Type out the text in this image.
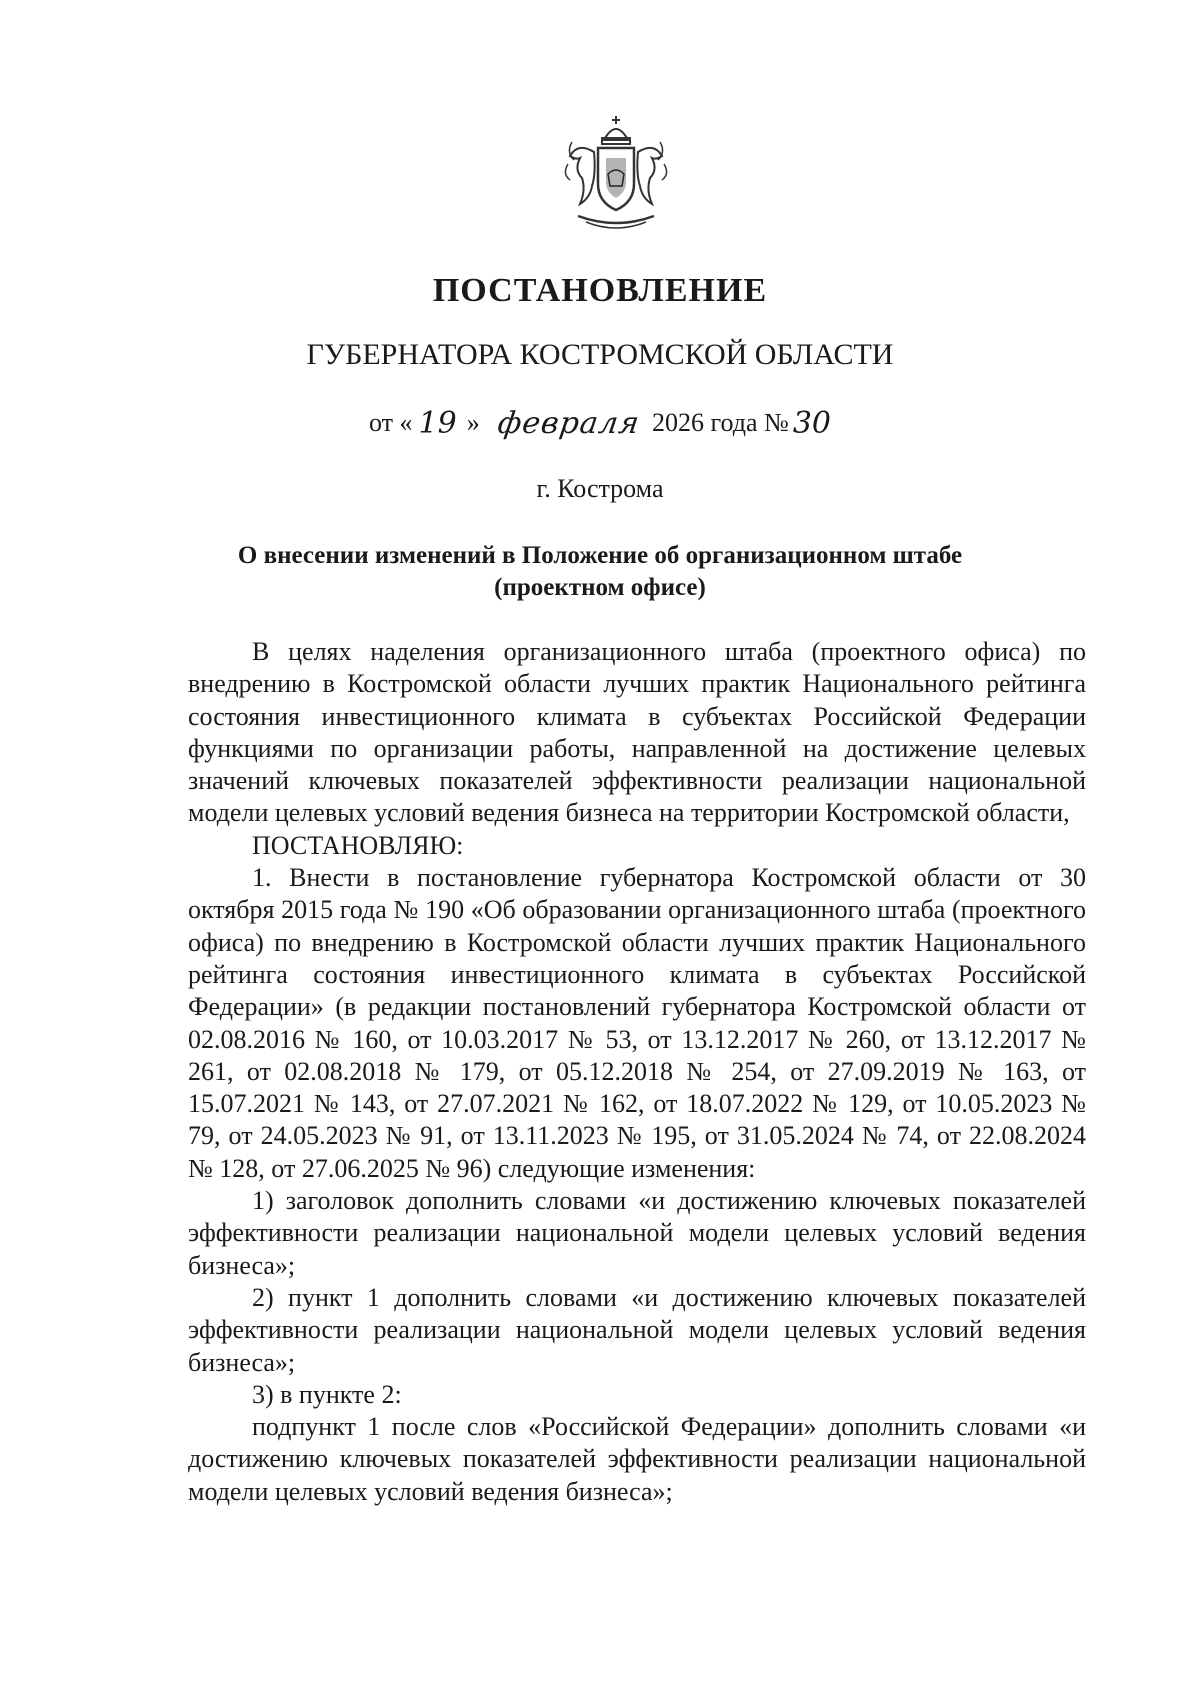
ПОСТАНОВЛЕНИЕ
ГУБЕРНАТОРА КОСТРОМСКОЙ ОБЛАСТИ
от « 19 » февраля 2026 года № 30
г. Кострома
О внесении изменений в Положение об организационном штабе
(проектном офисе)

В целях наделения организационного штаба (проектного офиса) по внедрению в Костромской области лучших практик Национального рейтинга состояния инвестиционного климата в субъектах Российской Федерации функциями по организации работы, направленной на достижение целевых значений ключевых показателей эффективности реализации национальной модели целевых условий ведения бизнеса на территории Костромской области,

ПОСТАНОВЛЯЮ:

1. Внести в постановление губернатора Костромской области от 30 октября 2015 года № 190 «Об образовании организационного штаба (проектного офиса) по внедрению в Костромской области лучших практик Национального рейтинга состояния инвестиционного климата в субъектах Российской Федерации» (в редакции постановлений губернатора Костромской области от 02.08.2016 № 160, от 10.03.2017 № 53, от 13.12.2017 № 260, от 13.12.2017 № 261, от 02.08.2018 № 179, от 05.12.2018 № 254, от 27.09.2019 № 163, от 15.07.2021 № 143, от 27.07.2021 № 162, от 18.07.2022 № 129, от 10.05.2023 № 79, от 24.05.2023 № 91, от 13.11.2023 № 195, от 31.05.2024 № 74, от 22.08.2024 № 128, от 27.06.2025 № 96) следующие изменения:

1) заголовок дополнить словами «и достижению ключевых показателей эффективности реализации национальной модели целевых условий ведения бизнеса»;

2) пункт 1 дополнить словами «и достижению ключевых показателей эффективности реализации национальной модели целевых условий ведения бизнеса»;

3) в пункте 2:

подпункт 1 после слов «Российской Федерации» дополнить словами «и достижению ключевых показателей эффективности реализации национальной модели целевых условий ведения бизнеса»;
